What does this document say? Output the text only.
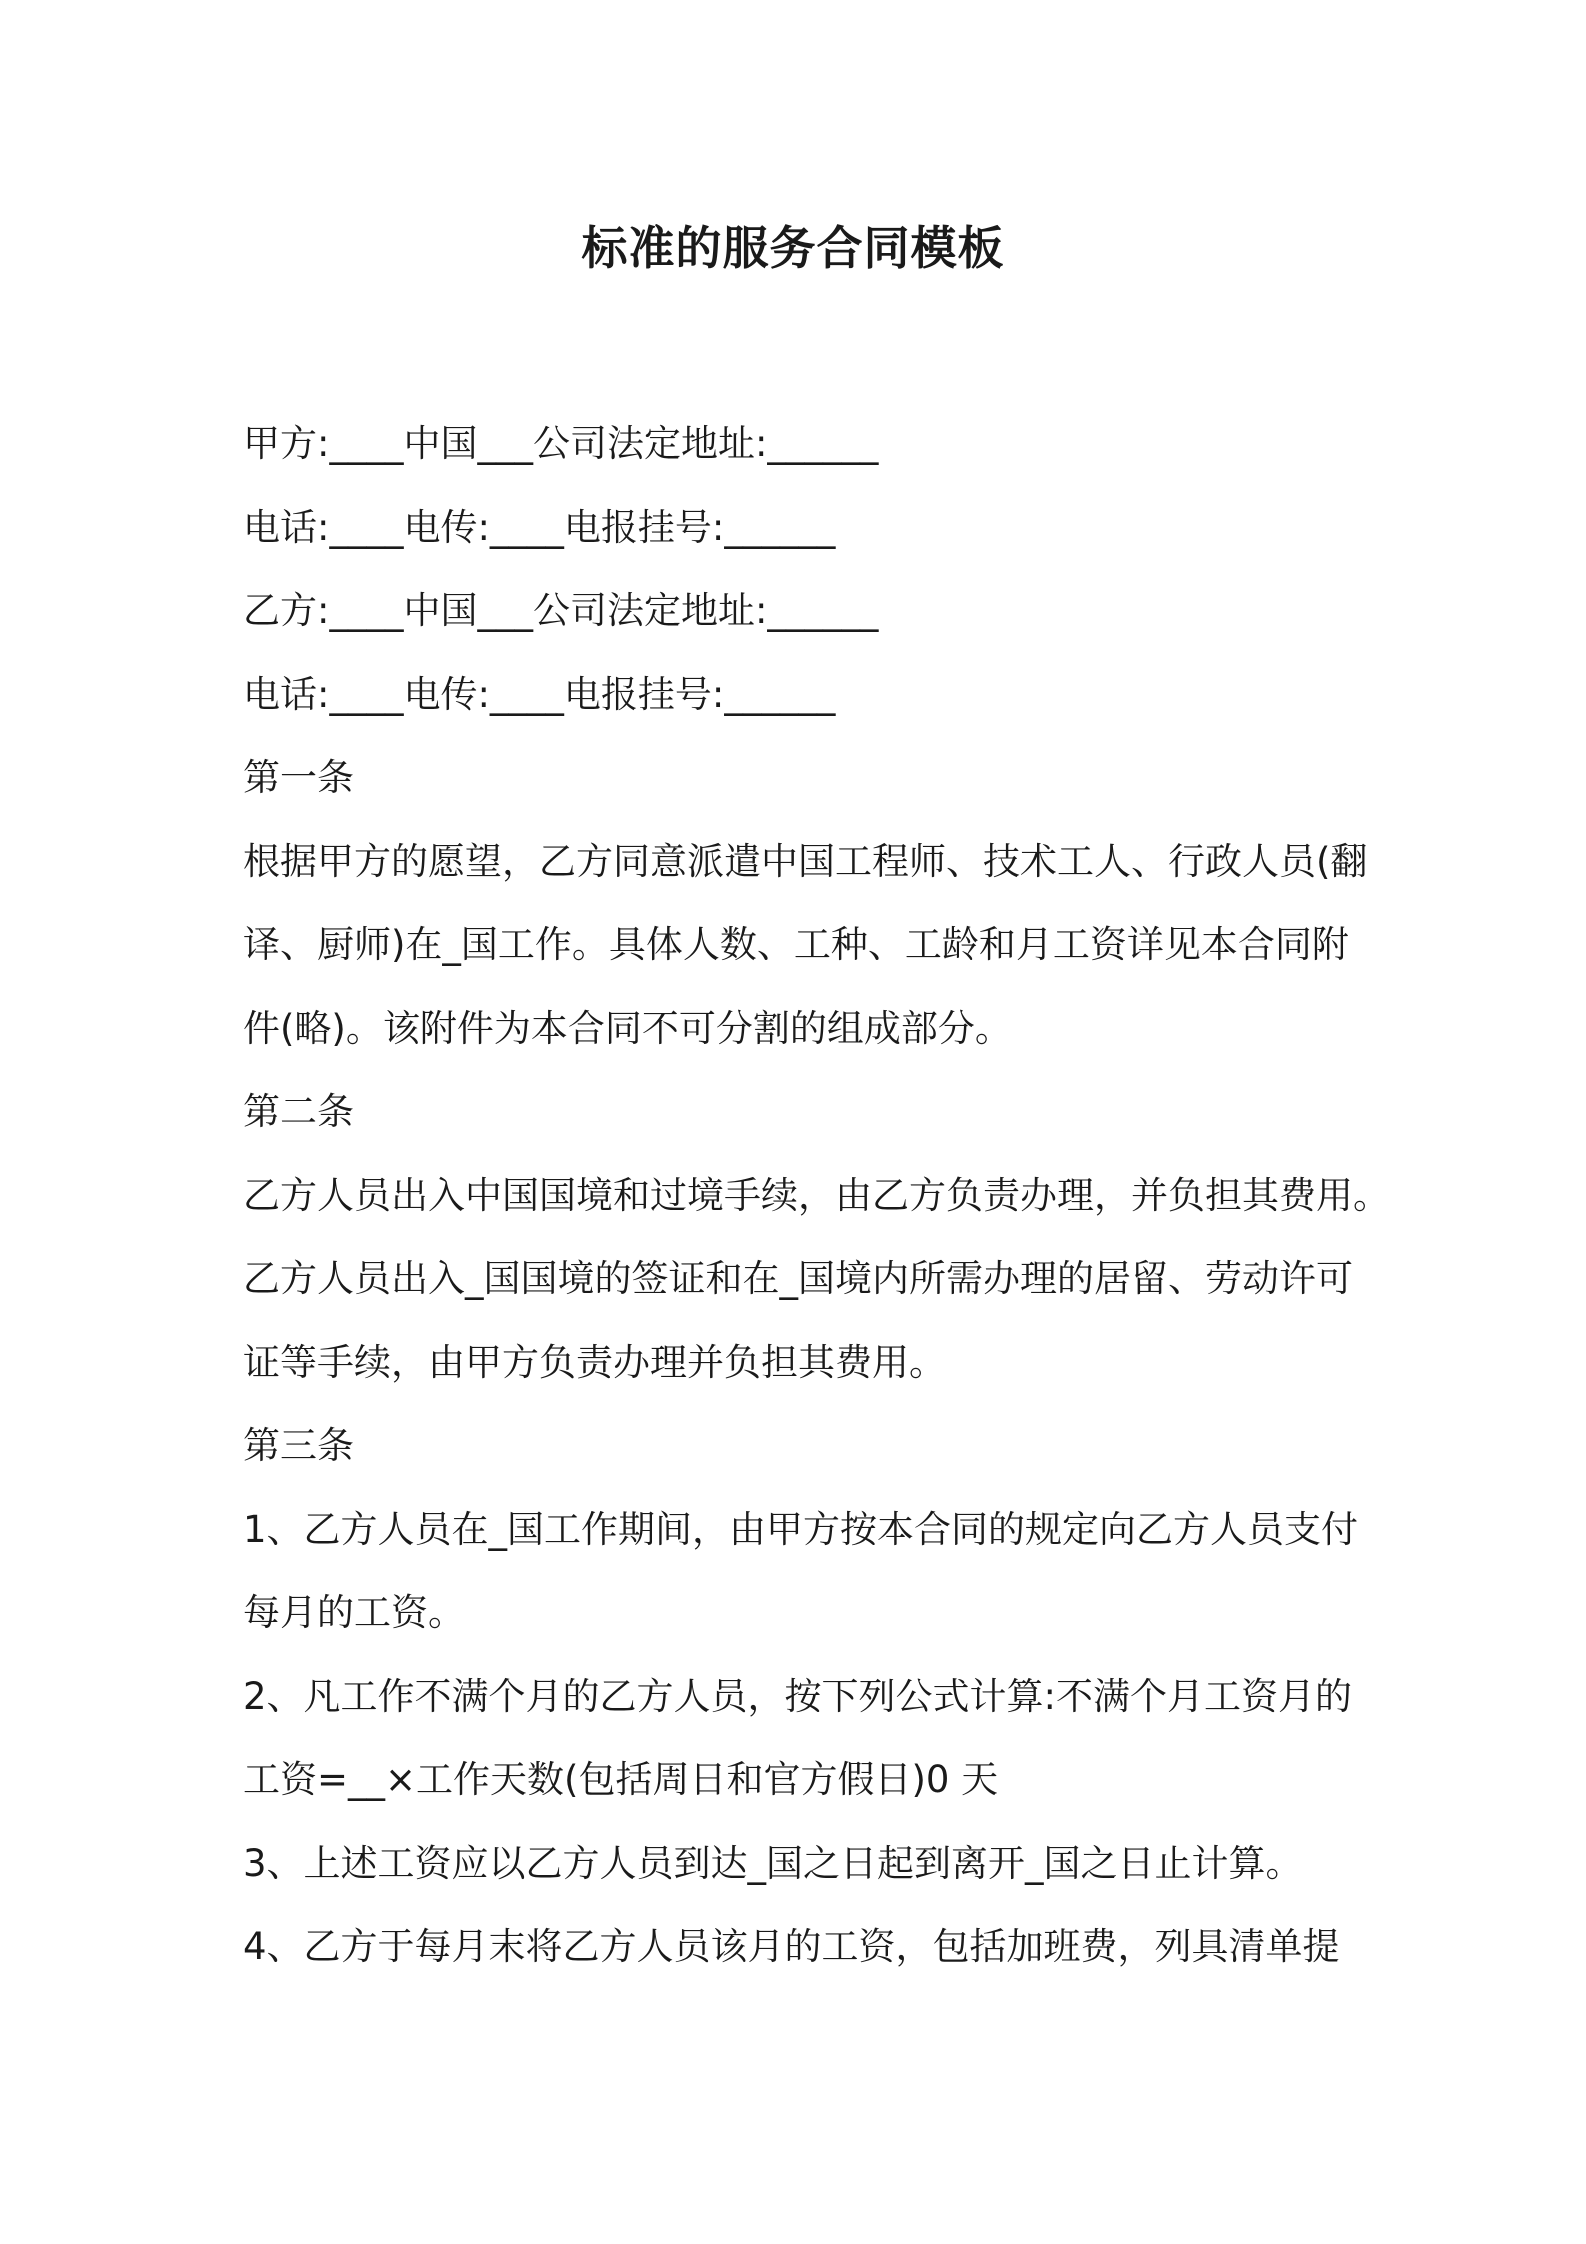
标准的服务合同模板
甲方:____中国___公司法定地址:______
电话:____电传:____电报挂号:______
乙方:____中国___公司法定地址:______
电话:____电传:____电报挂号:______
第一条
根据甲方的愿望，乙方同意派遣中国工程师、技术工人、行政人员(翻
译、厨师)在_国工作。具体人数、工种、工龄和月工资详见本合同附
件(略)。该附件为本合同不可分割的组成部分。
第二条
乙方人员出入中国国境和过境手续，由乙方负责办理，并负担其费用。
乙方人员出入_国国境的签证和在_国境内所需办理的居留、劳动许可
证等手续，由甲方负责办理并负担其费用。
第三条
1、乙方人员在_国工作期间，由甲方按本合同的规定向乙方人员支付
每月的工资。
2、凡工作不满个月的乙方人员，按下列公式计算:不满个月工资月的
工资=__×工作天数(包括周日和官方假日)0 天
3、上述工资应以乙方人员到达_国之日起到离开_国之日止计算。
4、乙方于每月末将乙方人员该月的工资，包括加班费，列具清单提
